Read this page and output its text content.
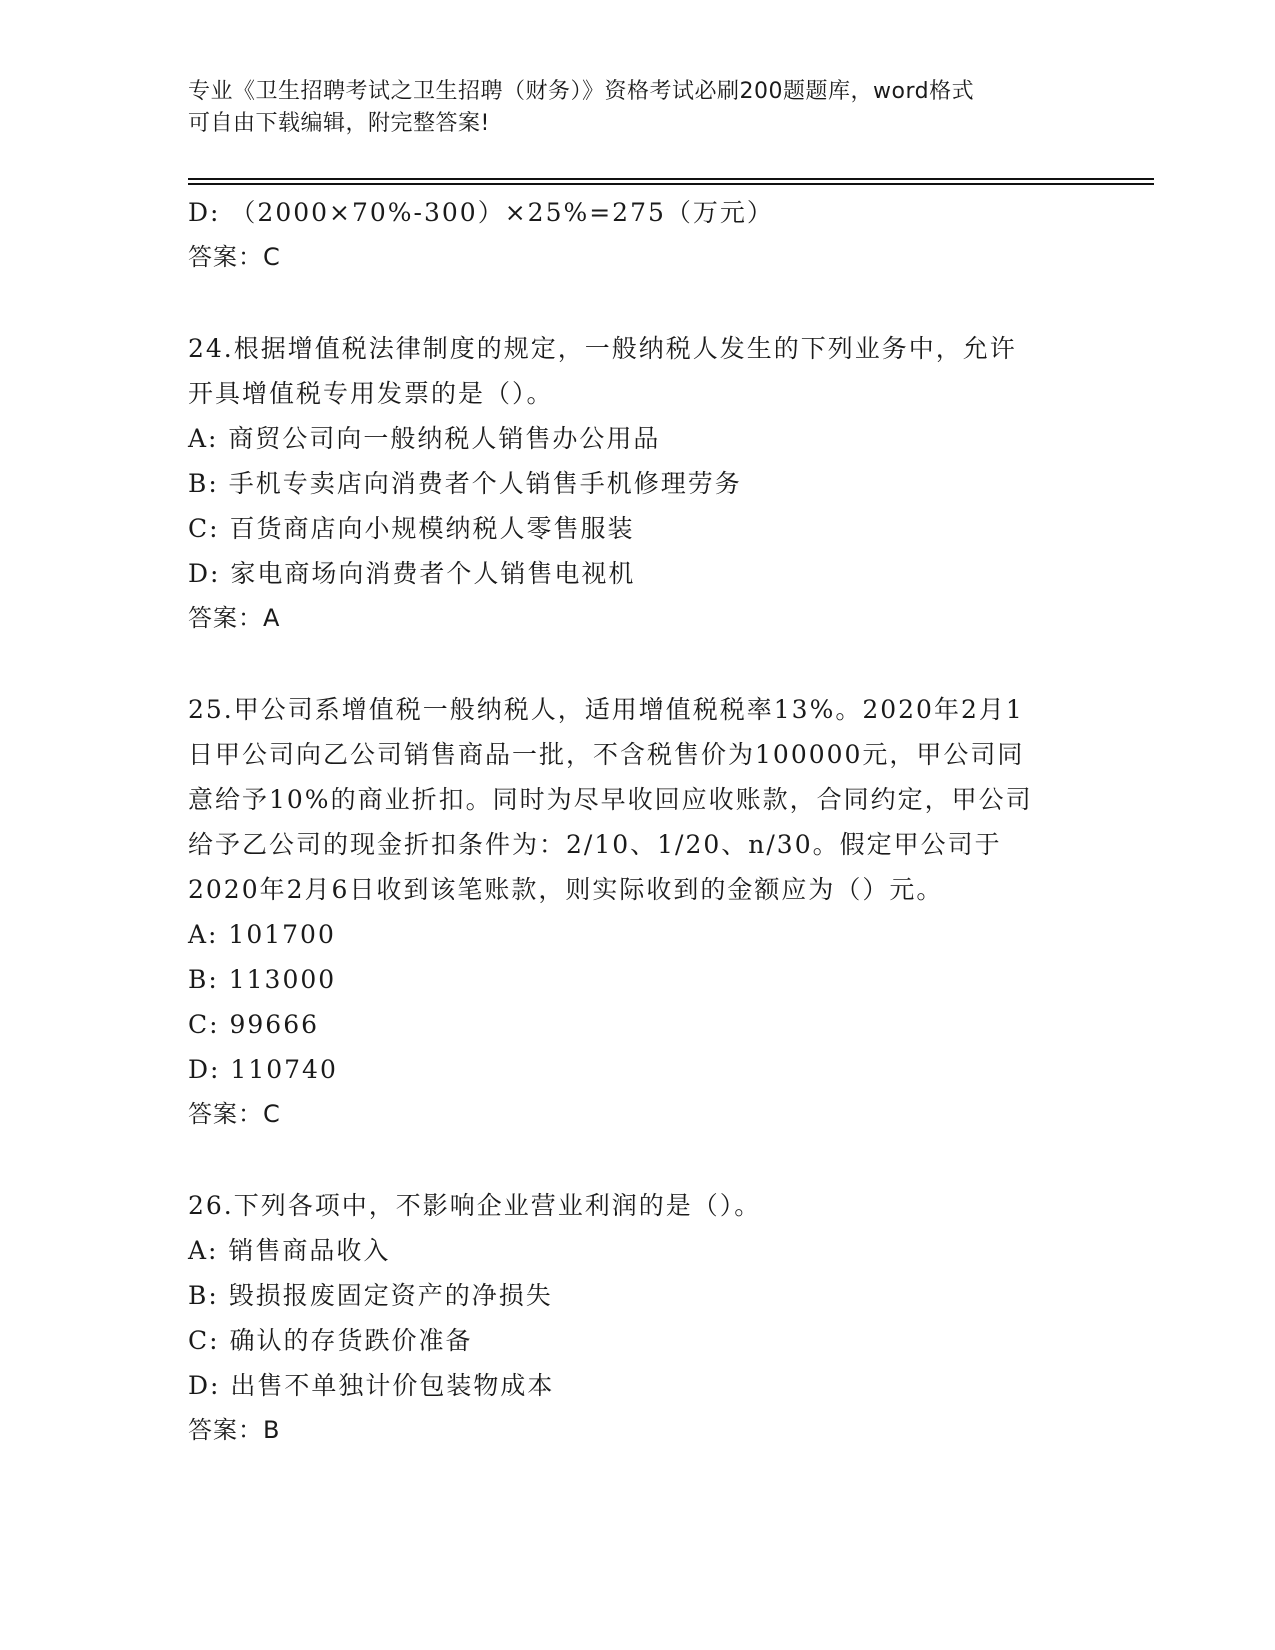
专业《卫生招聘考试之卫生招聘（财务）》资格考试必刷200题题库，word格式
可自由下载编辑，附完整答案!
D: （2000×70%-300）×25%=275（万元）
答案：C
24.根据增值税法律制度的规定，一般纳税人发生的下列业务中，允许
开具增值税专用发票的是（）。
A: 商贸公司向一般纳税人销售办公用品
B: 手机专卖店向消费者个人销售手机修理劳务
C: 百货商店向小规模纳税人零售服装
D: 家电商场向消费者个人销售电视机
答案：A
25.甲公司系增值税一般纳税人，适用增值税税率13%。2020年2月1
日甲公司向乙公司销售商品一批，不含税售价为100000元，甲公司同
意给予10%的商业折扣。同时为尽早收回应收账款，合同约定，甲公司
给予乙公司的现金折扣条件为：2/10、1/20、n/30。假定甲公司于
2020年2月6日收到该笔账款，则实际收到的金额应为（）元。
A: 101700
B: 113000
C: 99666
D: 110740
答案：C
26.下列各项中，不影响企业营业利润的是（）。
A: 销售商品收入
B: 毁损报废固定资产的净损失
C: 确认的存货跌价准备
D: 出售不单独计价包装物成本
答案：B
